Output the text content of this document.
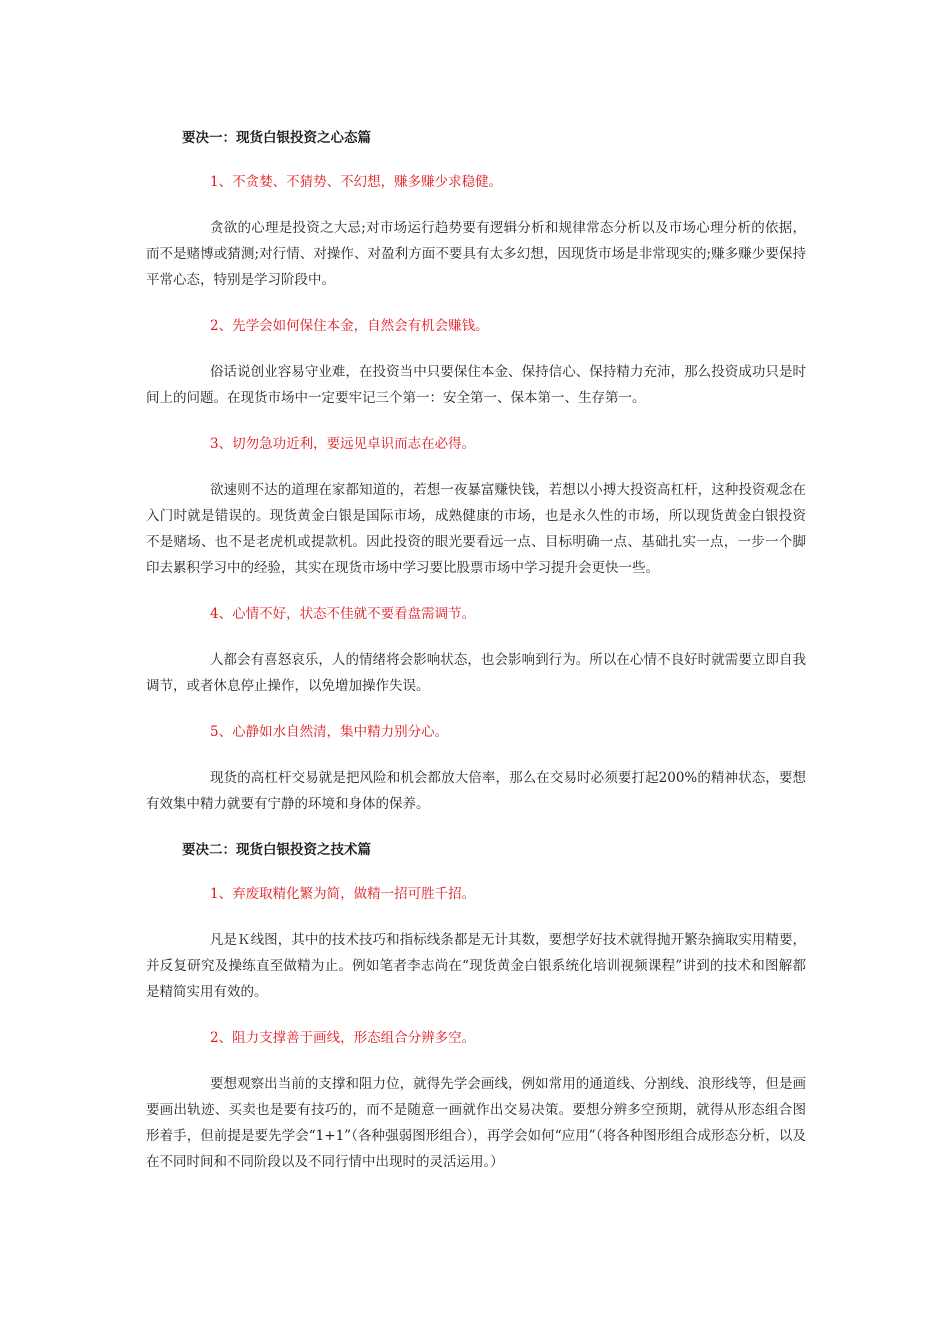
要决一：现货白银投资之心态篇
1、不贪婪、不猜势、不幻想，赚多赚少求稳健。

贪欲的心理是投资之大忌;对市场运行趋势要有逻辑分析和规律常态分析以及市场心理分析的依据，而不是赌博或猜测;对行情、对操作、对盈利方面不要具有太多幻想，因现货市场是非常现实的;赚多赚少要保持平常心态，特别是学习阶段中。

2、先学会如何保住本金，自然会有机会赚钱。

俗话说创业容易守业难，在投资当中只要保住本金、保持信心、保持精力充沛，那么投资成功只是时间上的问题。在现货市场中一定要牢记三个第一：安全第一、保本第一、生存第一。

3、切勿急功近利，要远见卓识而志在必得。

欲速则不达的道理在家都知道的，若想一夜暴富赚快钱，若想以小搏大投资高杠杆，这种投资观念在入门时就是错误的。现货黄金白银是国际市场，成熟健康的市场，也是永久性的市场，所以现货黄金白银投资不是赌场、也不是老虎机或提款机。因此投资的眼光要看远一点、目标明确一点、基础扎实一点，一步一个脚印去累积学习中的经验，其实在现货市场中学习要比股票市场中学习提升会更快一些。

4、心情不好，状态不佳就不要看盘需调节。

人都会有喜怒哀乐，人的情绪将会影响状态，也会影响到行为。所以在心情不良好时就需要立即自我调节，或者休息停止操作，以免增加操作失误。

5、心静如水自然清，集中精力别分心。

现货的高杠杆交易就是把风险和机会都放大倍率，那么在交易时必须要打起200%的精神状态，要想有效集中精力就要有宁静的环境和身体的保养。

要决二：现货白银投资之技术篇
1、弃废取精化繁为简，做精一招可胜千招。

凡是Ｋ线图，其中的技术技巧和指标线条都是无计其数，要想学好技术就得抛开繁杂摘取实用精要，并反复研究及操练直至做精为止。例如笔者李志尚在“现货黄金白银系统化培训视频课程”讲到的技术和图解都是精简实用有效的。

2、阻力支撑善于画线，形态组合分辨多空。

要想观察出当前的支撑和阻力位，就得先学会画线，例如常用的通道线、分割线、浪形线等，但是画要画出轨迹、买卖也是要有技巧的，而不是随意一画就作出交易决策。要想分辨多空预期，就得从形态组合图形着手，但前提是要先学会“1+1”（各种强弱图形组合），再学会如何“应用”（将各种图形组合成形态分析，以及在不同时间和不同阶段以及不同行情中出现时的灵活运用。）
